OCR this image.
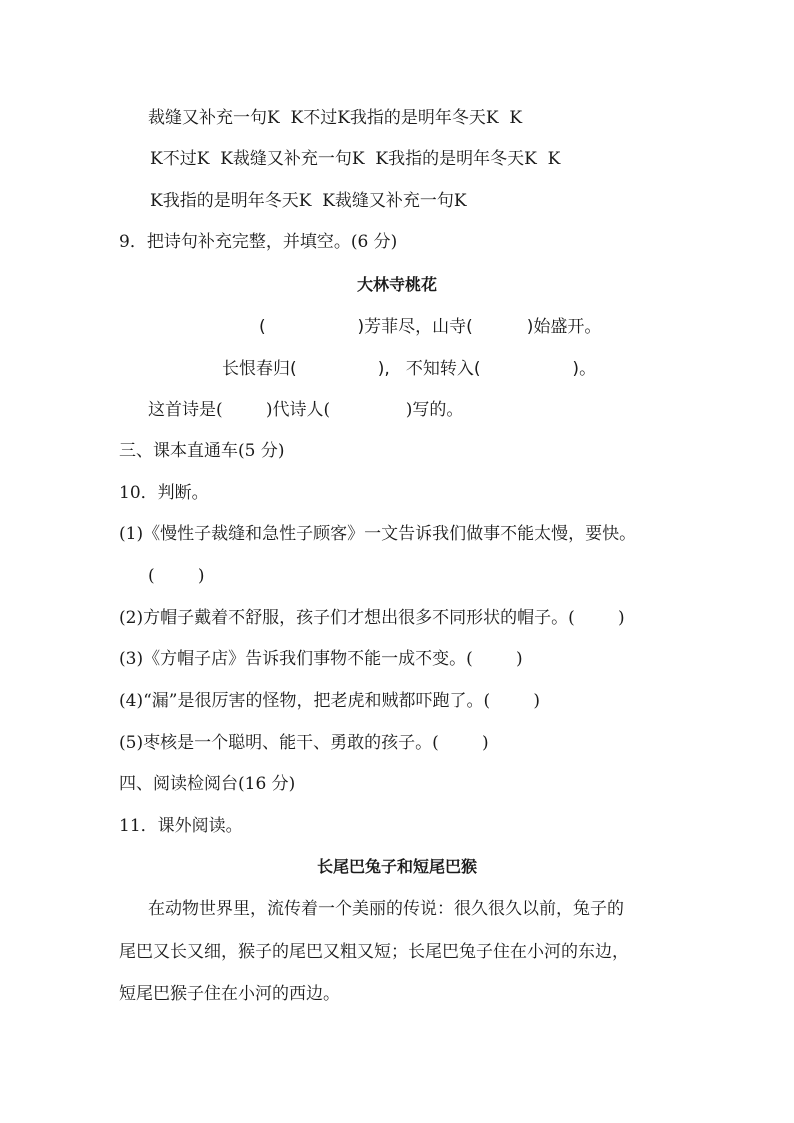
裁缝又补充一句K  K不过K我指的是明年冬天K  K
K不过K  K裁缝又补充一句K  K我指的是明年冬天K  K
K我指的是明年冬天K  K裁缝又补充一句K
9．把诗句补充完整，并填空。(6 分)
大林寺桃花
(                 )芳菲尽，山寺(          )始盛开。
长恨春归(               ),   不知转入(                 )。
这首诗是(        )代诗人(              )写的。
三、课本直通车(5 分)
10．判断。
(1)《慢性子裁缝和急性子顾客》一文告诉我们做事不能太慢，要快。
(        )
(2)方帽子戴着不舒服，孩子们才想出很多不同形状的帽子。(        )
(3)《方帽子店》告诉我们事物不能一成不变。(        )
(4)“漏”是很厉害的怪物，把老虎和贼都吓跑了。(        )
(5)枣核是一个聪明、能干、勇敢的孩子。(        )
四、阅读检阅台(16 分)
11．课外阅读。
长尾巴兔子和短尾巴猴
在动物世界里，流传着一个美丽的传说：很久很久以前，兔子的
尾巴又长又细，猴子的尾巴又粗又短；长尾巴兔子住在小河的东边，
短尾巴猴子住在小河的西边。
